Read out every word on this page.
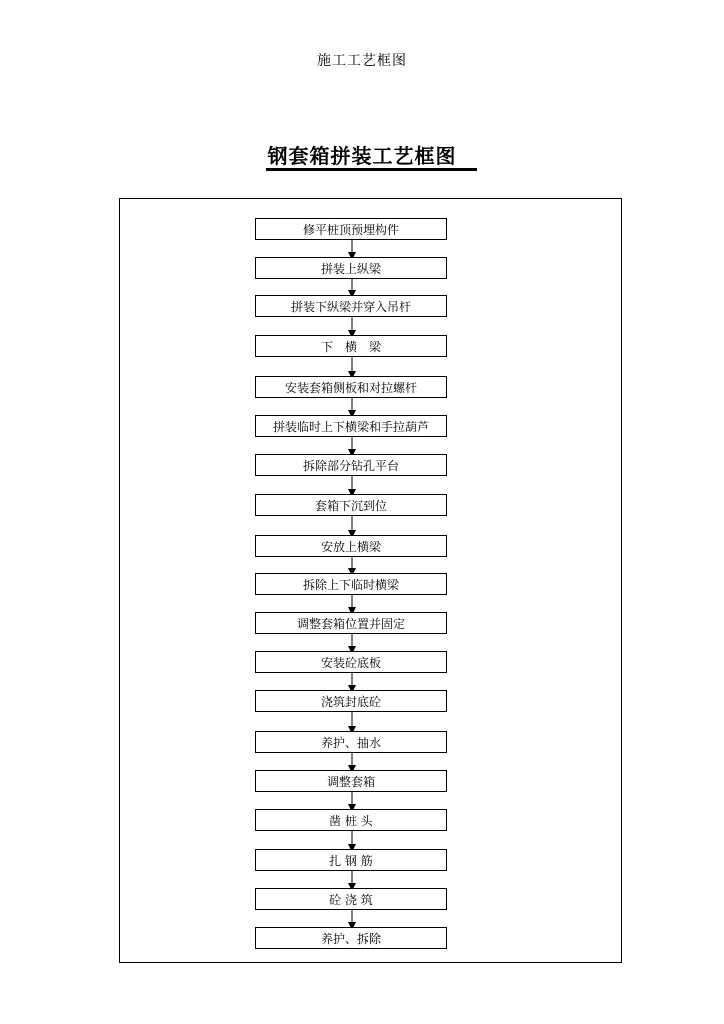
施工工艺框图
钢套箱拼装工艺框图
修平桩顶预埋构件
拼装上纵梁
拼装下纵梁并穿入吊杆
下　横　梁
安装套箱侧板和对拉螺杆
拼装临时上下横梁和手拉葫芦
拆除部分钻孔平台
套箱下沉到位
安放上横梁
拆除上下临时横梁
调整套箱位置并固定
安装砼底板
浇筑封底砼
养护、抽水
调整套箱
凿 桩 头
扎 钢 筋
砼 浇 筑
养护、拆除
